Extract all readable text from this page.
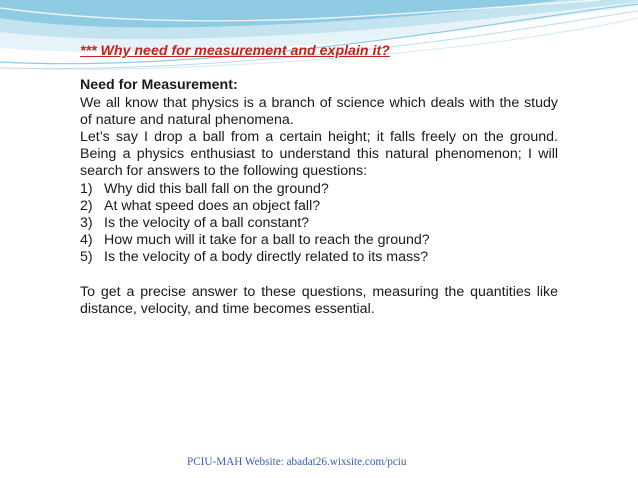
*** Why need for measurement and explain it?

Need for Measurement:

We all know that physics is a branch of science which deals with the study of nature and natural phenomena.

Let’s say I drop a ball from a certain height; it falls freely on the ground. Being a physics enthusiast to understand this natural phenomenon; I will search for answers to the following questions:

1) Why did this ball fall on the ground?
2) At what speed does an object fall?
3) Is the velocity of a ball constant?
4) How much will it take for a ball to reach the ground?
5) Is the velocity of a body directly related to its mass?

To get a precise answer to these questions, measuring the quantities like distance, velocity, and time becomes essential.

PCIU-MAH Website: abadat26.wixsite.com/pciu
